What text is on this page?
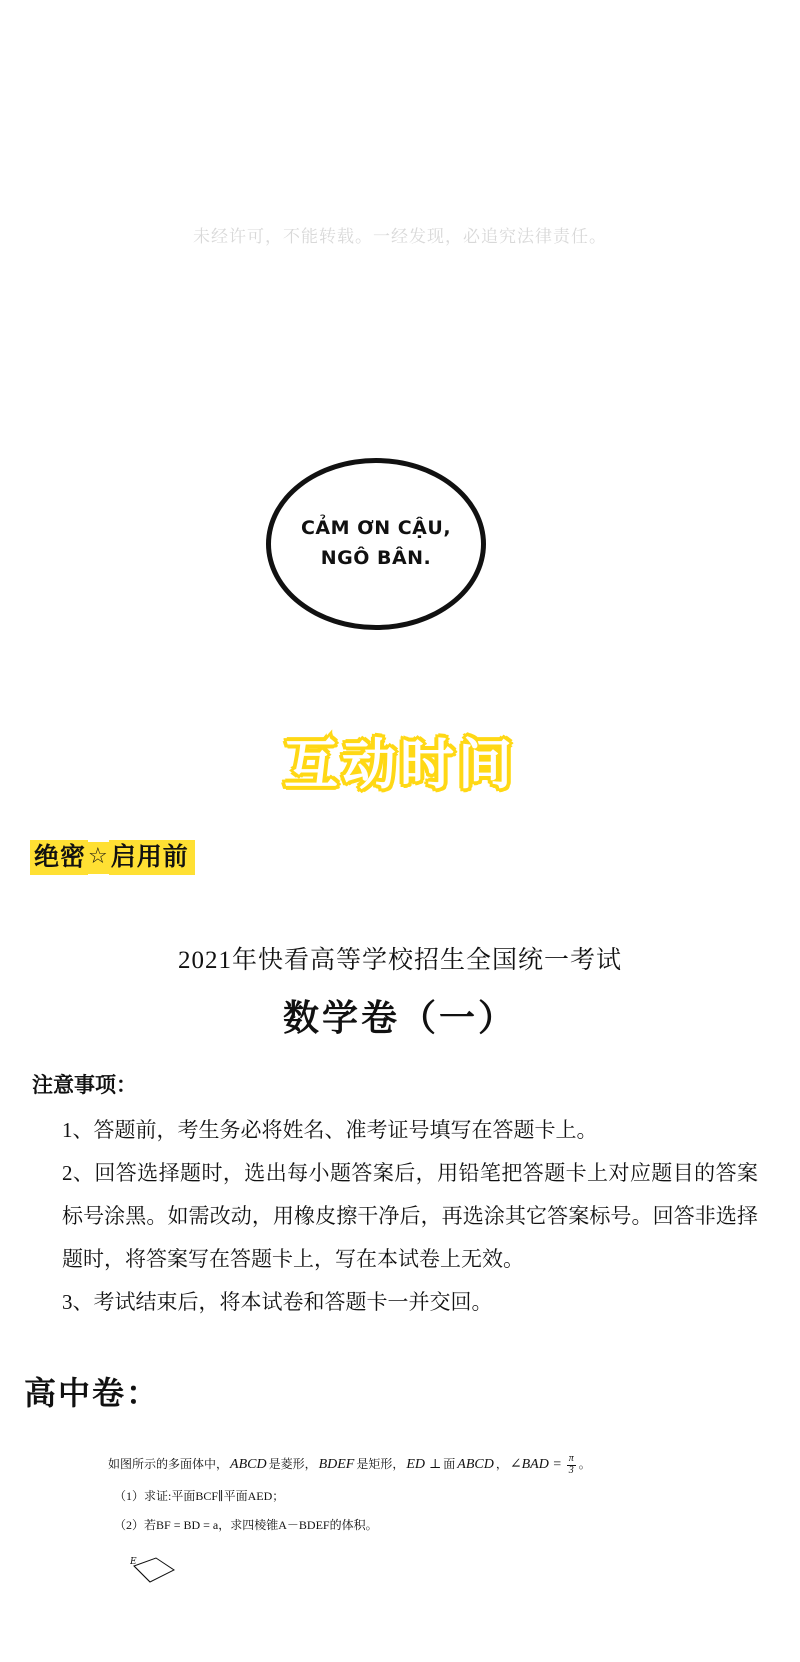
未经许可，不能转载。一经发现，必追究法律责任。
CẢM ƠN CẬU,
NGÔ BÂN.
互动时间
绝密 ☆ 启用前
2021年快看高等学校招生全国统一考试
数学卷（一）
注意事项：
1、答题前，考生务必将姓名、准考证号填写在答题卡上。
2、回答选择题时，选出每小题答案后，用铅笔把答题卡上对应题目的答案标号涂黑。如需改动，用橡皮擦干净后，再选涂其它答案标号。回答非选择题时，将答案写在答题卡上，写在本试卷上无效。
3、考试结束后，将本试卷和答题卡一并交回。
高中卷：
如图所示的多面体中， ABCD 是菱形， BDEF 是矩形， ED ⊥ 面 ABCD ， ∠BAD = $\frac{\pi}{3}$ 。
（1）求证:平面BCF∥平面AED；
（2）若BF = BD = a，求四棱锥A－BDEF的体积。
E
